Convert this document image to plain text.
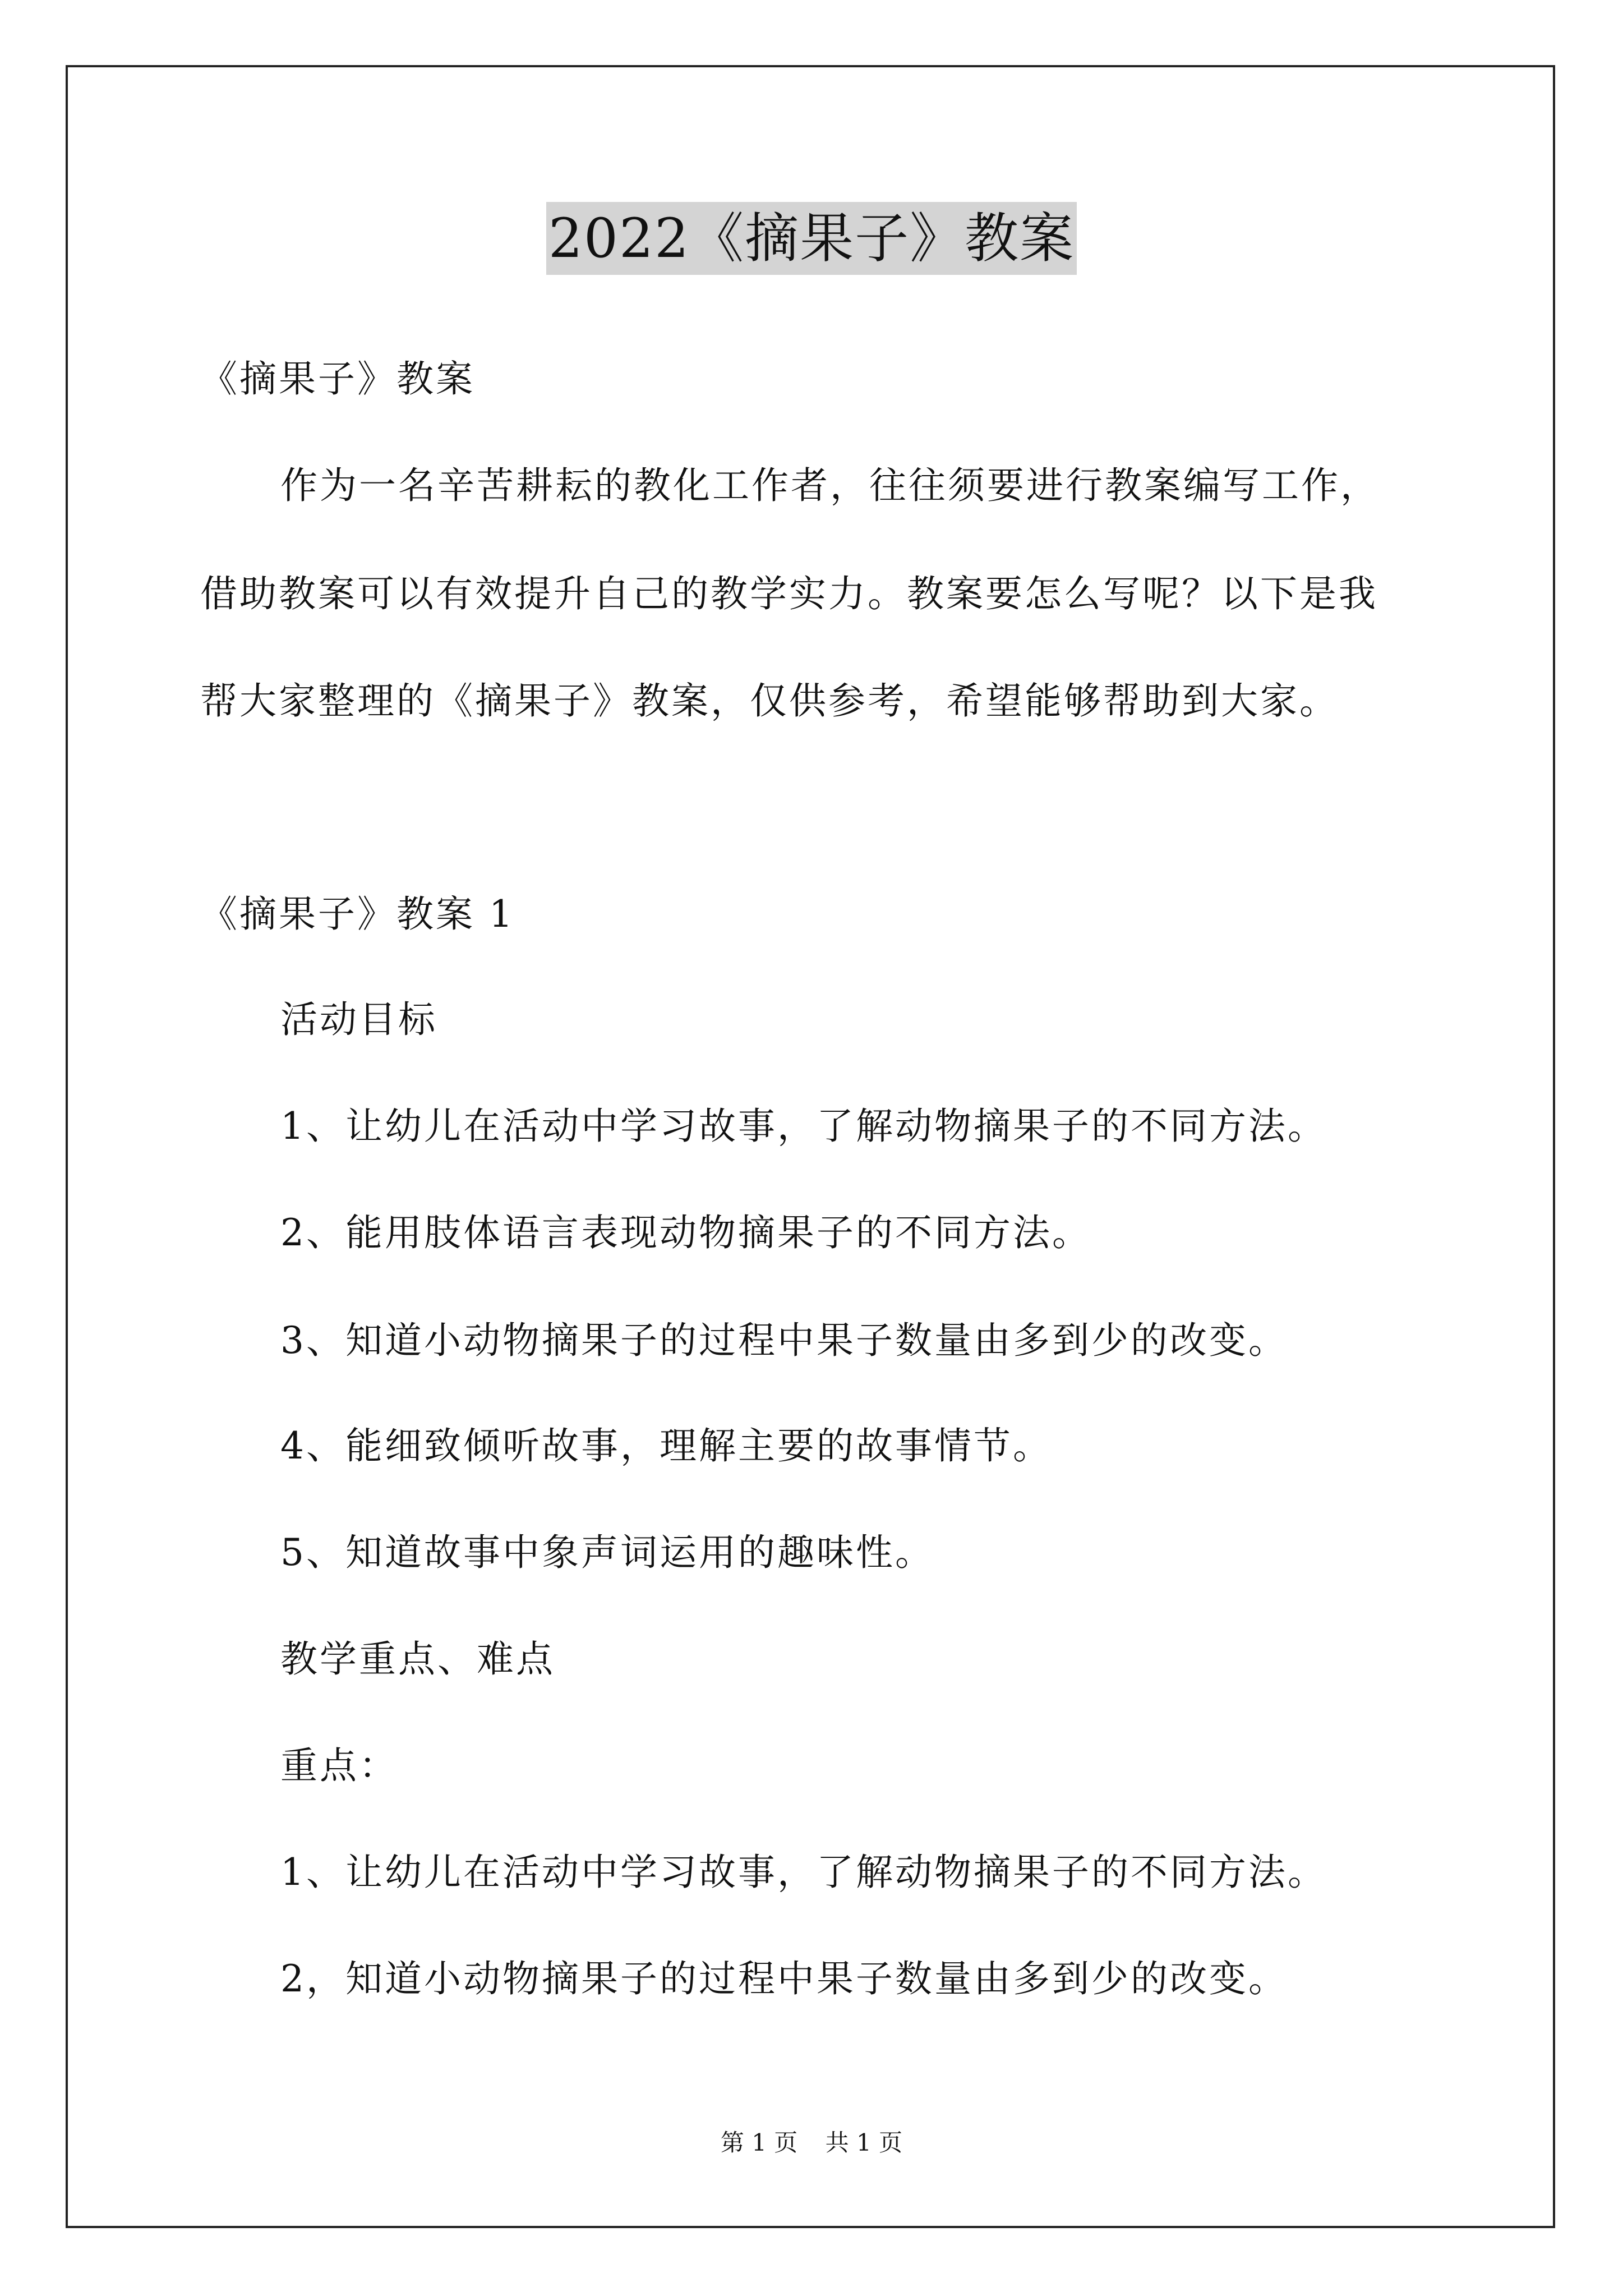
2022《摘果子》教案
《摘果子》教案
作为一名辛苦耕耘的教化工作者，往往须要进行教案编写工作，
借助教案可以有效提升自己的教学实力。教案要怎么写呢？以下是我
帮大家整理的《摘果子》教案，仅供参考，希望能够帮助到大家。
《摘果子》教案 1
活动目标
1、让幼儿在活动中学习故事，了解动物摘果子的不同方法。
2、能用肢体语言表现动物摘果子的不同方法。
3、知道小动物摘果子的过程中果子数量由多到少的改变。
4、能细致倾听故事，理解主要的故事情节。
5、知道故事中象声词运用的趣味性。
教学重点、难点
重点：
1、让幼儿在活动中学习故事，了解动物摘果子的不同方法。
2，知道小动物摘果子的过程中果子数量由多到少的改变。
第 1 页 共 1 页
